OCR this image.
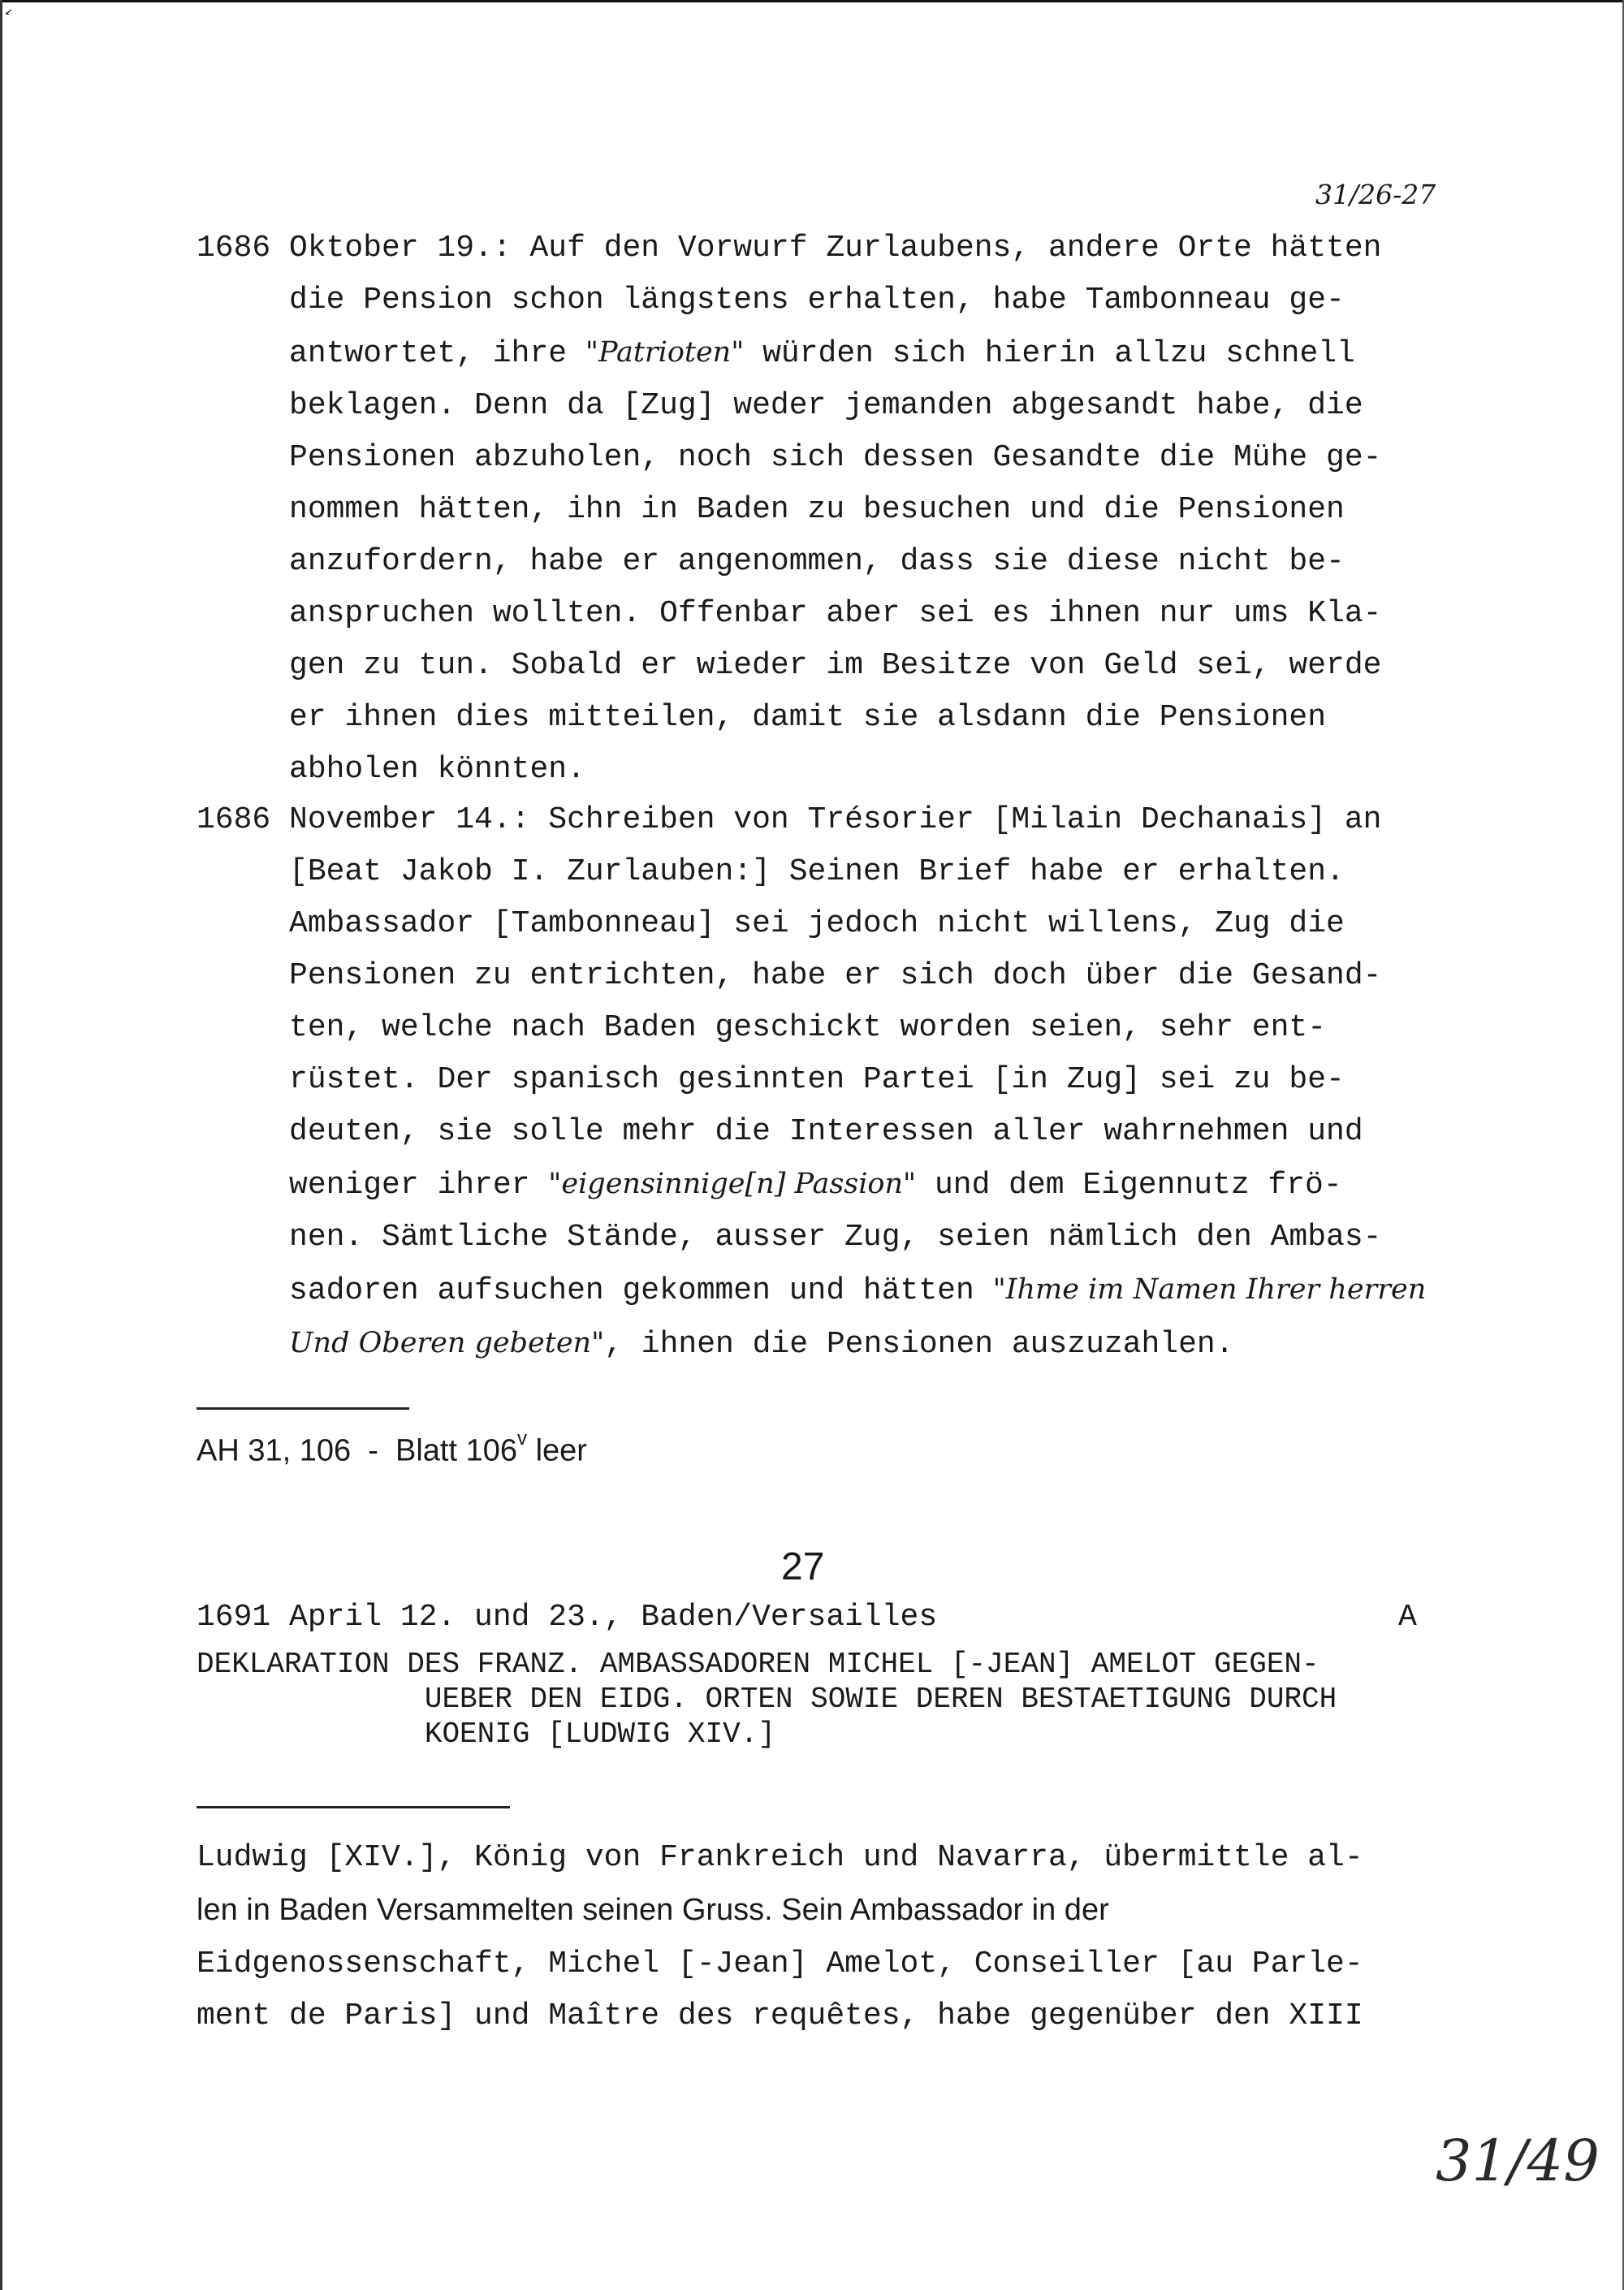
↙
31/26-27
1686 Oktober 19.: Auf den Vorwurf Zurlaubens, andere Orte hätten
die Pension schon längstens erhalten, habe Tambonneau ge-
antwortet, ihre "Patrioten" würden sich hierin allzu schnell
beklagen. Denn da [Zug] weder jemanden abgesandt habe, die
Pensionen abzuholen, noch sich dessen Gesandte die Mühe ge-
nommen hätten, ihn in Baden zu besuchen und die Pensionen
anzufordern, habe er angenommen, dass sie diese nicht be-
anspruchen wollten. Offenbar aber sei es ihnen nur ums Kla-
gen zu tun. Sobald er wieder im Besitze von Geld sei, werde
er ihnen dies mitteilen, damit sie alsdann die Pensionen
abholen könnten.
1686 November 14.: Schreiben von Trésorier [Milain Dechanais] an
[Beat Jakob I. Zurlauben:] Seinen Brief habe er erhalten.
Ambassador [Tambonneau] sei jedoch nicht willens, Zug die
Pensionen zu entrichten, habe er sich doch über die Gesand-
ten, welche nach Baden geschickt worden seien, sehr ent-
rüstet. Der spanisch gesinnten Partei [in Zug] sei zu be-
deuten, sie solle mehr die Interessen aller wahrnehmen und
weniger ihrer "eigensinnige[n] Passion" und dem Eigennutz frö-
nen. Sämtliche Stände, ausser Zug, seien nämlich den Ambas-
sadoren aufsuchen gekommen und hätten "Ihme im Namen Ihrer herren
Und Oberen gebeten", ihnen die Pensionen auszuzahlen.
AH 31, 106  -  Blatt 106$^v$ leer
27
1691 April 12. und 23., Baden/Versailles	A
DEKLARATION DES FRANZ. AMBASSADOREN MICHEL [-JEAN] AMELOT GEGEN-
UEBER DEN EIDG. ORTEN SOWIE DEREN BESTAETIGUNG DURCH
KOENIG [LUDWIG XIV.]
Ludwig [XIV.], König von Frankreich und Navarra, übermittle al-
len in Baden Versammelten seinen Gruss. Sein Ambassador in der
Eidgenossenschaft, Michel [-Jean] Amelot, Conseiller [au Parle-
ment de Paris] und Maître des requêtes, habe gegenüber den XIII
31/49
